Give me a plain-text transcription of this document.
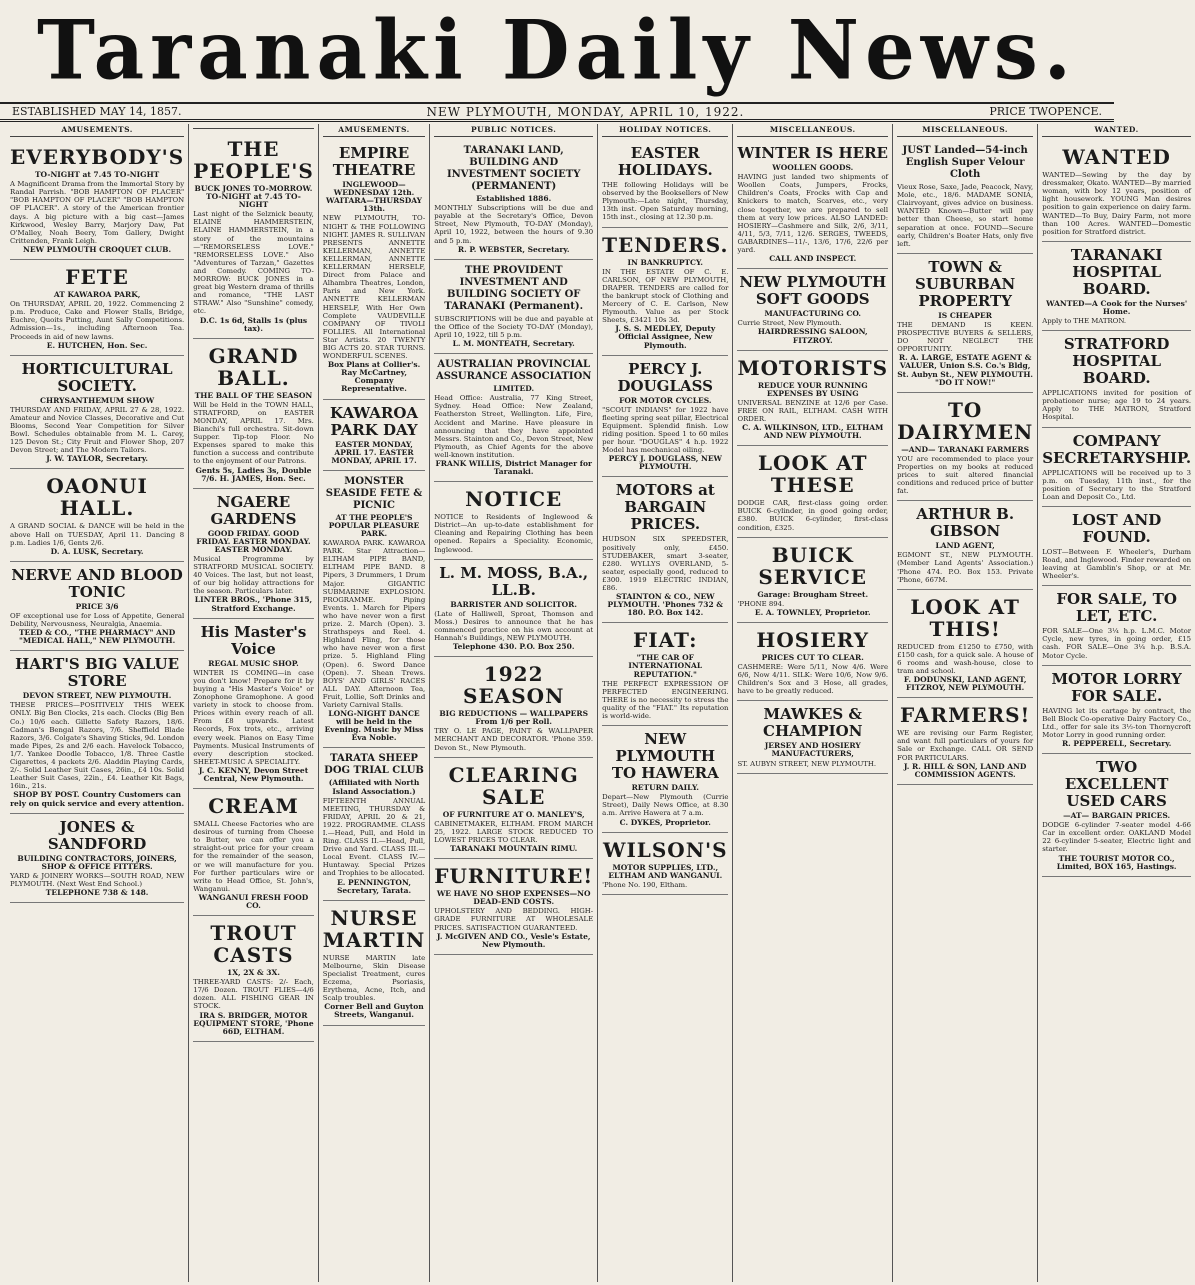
Taranaki Daily News.
ESTABLISHED MAY 14, 1857.	NEW PLYMOUTH, MONDAY, APRIL 10, 1922.	PRICE TWOPENCE.
AMUSEMENTS.
EVERYBODY'S
TO-NIGHT at 7.45 TO-NIGHT

A Magnificent Drama from the Immortal Story by Randal Parrish. "BOB HAMPTON OF PLACER" "BOB HAMPTON OF PLACER" "BOB HAMPTON OF PLACER". A story of the American frontier days. A big picture with a big cast—James Kirkwood, Wesley Barry, Marjory Daw, Pat O'Malley, Noah Beery, Tom Gallery, Dwight Crittenden, Frank Leigh.

NEW PLYMOUTH CROQUET CLUB.
FETE
AT KAWAROA PARK,

On THURSDAY, APRIL 20, 1922. Commencing 2 p.m. Produce, Cake and Flower Stalls, Bridge, Euchre, Quoits Putting, Aunt Sally Competitions. Admission—1s., including Afternoon Tea. Proceeds in aid of new lawns.

E. HUTCHEN, Hon. Sec.
HORTICULTURAL SOCIETY.
CHRYSANTHEMUM SHOW

THURSDAY AND FRIDAY, APRIL 27 & 28, 1922. Amateur and Novice Classes, Decorative and Cut Blooms, Second Year Competition for Silver Bowl. Schedules obtainable from M. L. Carey, 125 Devon St.; City Fruit and Flower Shop, 207 Devon Street; and The Modern Tailors.

J. W. TAYLOR, Secretary.
OAONUI HALL.

A GRAND SOCIAL & DANCE will be held in the above Hall on TUESDAY, April 11. Dancing 8 p.m. Ladies 1/6, Gents 2/6.

D. A. LUSK, Secretary.
NERVE AND BLOOD TONIC
PRICE 3/6

OF exceptional use for Loss of Appetite, General Debility, Nervousness, Neuralgia, Anaemia.

TEED & CO., "THE PHARMACY" AND "MEDICAL HALL," NEW PLYMOUTH.
HART'S BIG VALUE STORE
DEVON STREET, NEW PLYMOUTH.

THESE PRICES—POSITIVELY THIS WEEK ONLY. Big Ben Clocks, 21s each. Clocks (Big Ben Co.) 10/6 each. Gillette Safety Razors, 18/6. Cadman's Bengal Razors, 7/6. Sheffield Blade Razors, 3/6. Colgate's Shaving Sticks, 9d. London made Pipes, 2s and 2/6 each. Havelock Tobacco, 1/7. Yankee Doodle Tobacco, 1/8. Three Castle Cigarettes, 4 packets 2/6. Aladdin Playing Cards, 2/-. Solid Leather Suit Cases, 26in., £4 10s. Solid Leather Suit Cases, 22in., £4. Leather Kit Bags, 16in., 21s.

SHOP BY POST. Country Customers can rely on quick service and every attention.
JONES & SANDFORD
BUILDING CONTRACTORS, JOINERS, SHOP & OFFICE FITTERS.

YARD & JOINERY WORKS—SOUTH ROAD, NEW PLYMOUTH. (Next West End School.)

TELEPHONE 738 & 148.
THE PEOPLE'S
BUCK JONES TO-MORROW. TO-NIGHT at 7.45 TO-NIGHT

Last night of the Selznick beauty, ELAINE HAMMERSTEIN, ELAINE HAMMERSTEIN, in a story of the mountains—"REMORSELESS LOVE." "REMORSELESS LOVE." Also "Adventures of Tarzan," Gazettes and Comedy. COMING TO-MORROW: BUCK JONES in a great big Western drama of thrills and romance, "THE LAST STRAW." Also "Sunshine" comedy, etc.

D.C. 1s 6d, Stalls 1s (plus tax).
GRAND BALL.
THE BALL OF THE SEASON

Will be Held in the TOWN HALL, STRATFORD, on EASTER MONDAY, APRIL 17. Mrs. Bianchi's full orchestra. Sit-down Supper. Tip-top Floor. No Expenses spared to make this function a success and contribute to the enjoyment of our Patrons.

Gents 5s, Ladies 3s, Double 7/6. H. JAMES, Hon. Sec.
NGAERE GARDENS
GOOD FRIDAY. GOOD FRIDAY. EASTER MONDAY. EASTER MONDAY.

Musical Programme by STRATFORD MUSICAL SOCIETY. 40 Voices. The last, but not least, of our big holiday attractions for the season. Particulars later.

LINTER BROS., 'Phone 315, Stratford Exchange.
His Master's Voice
REGAL MUSIC SHOP.

WINTER IS COMING—in case you don't know! Prepare for it by buying a "His Master's Voice" or Zonophone Gramophone. A good variety in stock to choose from. Prices within every reach of all. From £8 upwards. Latest Records, Fox trots, etc., arriving every week. Pianos on Easy Time Payments. Musical Instruments of every description stocked. SHEET-MUSIC A SPECIALITY.

J. C. KENNY, Devon Street Central, New Plymouth.
CREAM

SMALL Cheese Factories who are desirous of turning from Cheese to Butter, we can offer you a straight-out price for your cream for the remainder of the season, or we will manufacture for you. For further particulars wire or write to Head Office, St. John's, Wanganui.

WANGANUI FRESH FOOD CO.
TROUT CASTS
1X, 2X & 3X.

THREE-YARD CASTS: 2/- Each, 17/6 Dozen. TROUT FLIES—4/6 dozen. ALL FISHING GEAR IN STOCK.

IRA S. BRIDGER, MOTOR EQUIPMENT STORE, 'Phone 66D, ELTHAM.
AMUSEMENTS.
EMPIRE THEATRE
INGLEWOOD—WEDNESDAY 12th. WAITARA—THURSDAY 13th.

NEW PLYMOUTH, TO-NIGHT & THE FOLLOWING NIGHT. JAMES R. SULLIVAN PRESENTS ANNETTE KELLERMAN, ANNETTE KELLERMAN, ANNETTE KELLERMAN HERSELF, Direct from Palace and Alhambra Theatres, London, Paris and New York. ANNETTE KELLERMAN HERSELF, With Her Own Complete VAUDEVILLE COMPANY OF TIVOLI FOLLIES. All International Star Artists. 20 TWENTY BIG ACTS 20. STAR TURNS. WONDERFUL SCENES.

Box Plans at Collier's. Ray McCartney, Company Representative.
KAWAROA PARK DAY
EASTER MONDAY, APRIL 17. EASTER MONDAY, APRIL 17.
MONSTER SEASIDE FETE & PICNIC
AT THE PEOPLE'S POPULAR PLEASURE PARK.

KAWAROA PARK. KAWAROA PARK. Star Attraction—ELTHAM PIPE BAND, ELTHAM PIPE BAND. 8 Pipers, 3 Drummers, 1 Drum Major. GIGANTIC SUBMARINE EXPLOSION. PROGRAMME. Piping Events. 1. March for Pipers who have never won a first prize. 2. March (Open). 3. Strathspeys and Reel. 4. Highland Fling, for those who have never won a first prize. 5. Highland Fling (Open). 6. Sword Dance (Open). 7. Shean Trews. BOYS' AND GIRLS' RACES ALL DAY. Afternoon Tea, Fruit, Lollie, Soft Drinks and Variety Carnival Stalls.

LONG-NIGHT DANCE will be held in the Evening. Music by Miss Eva Noble.
TARATA SHEEP DOG TRIAL CLUB
(Affiliated with North Island Association.)

FIFTEENTH ANNUAL MEETING, THURSDAY & FRIDAY, APRIL 20 & 21, 1922. PROGRAMME. CLASS I.—Head, Pull, and Hold in Ring. CLASS II.—Head, Pull, Drive and Yard. CLASS III.—Local Event. CLASS IV.—Huntaway. Special Prizes and Trophies to be allocated.

E. PENNINGTON, Secretary, Tarata.
NURSE MARTIN

NURSE MARTIN late Melbourne, Skin Disease Specialist Treatment, cures Eczema, Psoriasis, Erythema, Acne, Itch, and Scalp troubles.

Corner Bell and Guyton Streets, Wanganui.
PUBLIC NOTICES.
TARANAKI LAND, BUILDING AND INVESTMENT SOCIETY (PERMANENT)
Established 1886.

MONTHLY Subscriptions will be due and payable at the Secretary's Office, Devon Street, New Plymouth, TO-DAY (Monday), April 10, 1922, between the hours of 9.30 and 5 p.m.

R. P. WEBSTER, Secretary.
THE PROVIDENT INVESTMENT AND BUILDING SOCIETY OF TARANAKI (Permanent).

SUBSCRIPTIONS will be due and payable at the Office of the Society TO-DAY (Monday), April 10, 1922, till 5 p.m.

L. M. MONTEATH, Secretary.
AUSTRALIAN PROVINCIAL ASSURANCE ASSOCIATION
LIMITED.

Head Office: Australia, 77 King Street, Sydney. Head Office: New Zealand, Featherston Street, Wellington. Life, Fire, Accident and Marine. Have pleasure in announcing that they have appointed Messrs. Stainton and Co., Devon Street, New Plymouth, as Chief Agents for the above well-known institution.

FRANK WILLIS, District Manager for Taranaki.
NOTICE

NOTICE to Residents of Inglewood & District—An up-to-date establishment for Cleaning and Repairing Clothing has been opened. Repairs a Speciality. Economic, Inglewood.

L. M. MOSS, B.A., LL.B.
BARRISTER AND SOLICITOR.

(Late of Halliwell, Sproat, Thomson and Moss.) Desires to announce that he has commenced practice on his own account at Hannah's Buildings, NEW PLYMOUTH.

Telephone 430. P.O. Box 250.
1922 SEASON
BIG REDUCTIONS — WALLPAPERS From 1/6 per Roll.

TRY O. LE PAGE, PAINT & WALLPAPER MERCHANT AND DECORATOR. 'Phone 359. Devon St., New Plymouth.

CLEARING SALE
OF FURNITURE AT O. MANLEY'S,

CABINETMAKER, ELTHAM. FROM MARCH 25, 1922. LARGE STOCK REDUCED TO LOWEST PRICES TO CLEAR.

TARANAKI MOUNTAIN RIMU.
FURNITURE!
WE HAVE NO SHOP EXPENSES—NO DEAD-END COSTS.

UPHOLSTERY AND BEDDING. HIGH-GRADE FURNITURE AT WHOLESALE PRICES. SATISFACTION GUARANTEED.

J. McGIVEN AND CO., Vesle's Estate, New Plymouth.
HOLIDAY NOTICES.
EASTER HOLIDAYS.

THE following Holidays will be observed by the Booksellers of New Plymouth:—Late night, Thursday, 13th inst. Open Saturday morning, 15th inst., closing at 12.30 p.m.

TENDERS.
IN BANKRUPTCY.

IN THE ESTATE OF C. E. CARLSON, OF NEW PLYMOUTH, DRAPER. TENDERS are called for the bankrupt stock of Clothing and Mercery of C. E. Carlson, New Plymouth. Value as per Stock Sheets, £3421 10s 3d.

J. S. S. MEDLEY, Deputy Official Assignee, New Plymouth.
PERCY J. DOUGLASS
FOR MOTOR CYCLES.

"SCOUT INDIANS" for 1922 have fleeting spring seat pillar, Electrical Equipment. Splendid finish. Low riding position. Speed 1 to 60 miles per hour. "DOUGLAS" 4 h.p. 1922 Model has mechanical oiling.

PERCY J. DOUGLASS, NEW PLYMOUTH.
MOTORS at BARGAIN PRICES.

HUDSON SIX SPEEDSTER, positively only, £450. STUDEBAKER, smart 3-seater, £280. WYLLYS OVERLAND, 5-seater, especially good, reduced to £300. 1919 ELECTRIC INDIAN, £86.

STAINTON & CO., NEW PLYMOUTH. 'Phones 732 & 180. P.O. Box 142.
FIAT:
"THE CAR OF INTERNATIONAL REPUTATION."

THE PERFECT EXPRESSION OF PERFECTED ENGINEERING. THERE is no necessity to stress the quality of the "FIAT." Its reputation is world-wide.

NEW PLYMOUTH TO HAWERA
RETURN DAILY.

Depart—New Plymouth (Currie Street), Daily News Office, at 8.30 a.m. Arrive Hawera at 7 a.m.

C. DYKES, Proprietor.
WILSON'S
MOTOR SUPPLIES, LTD., ELTHAM AND WANGANUI.

'Phone No. 190, Eltham.

MISCELLANEOUS.
WINTER IS HERE
WOOLLEN GOODS.

HAVING just landed two shipments of Woollen Coats, Jumpers, Frocks, Children's Coats, Frocks with Cap and Knickers to match, Scarves, etc., very close together, we are prepared to sell them at very low prices. ALSO LANDED: HOSIERY—Cashmere and Silk, 2/6, 3/11, 4/11, 5/3, 7/11, 12/6. SERGES, TWEEDS, GABARDINES—11/-, 13/6, 17/6, 22/6 per yard.

CALL AND INSPECT.
NEW PLYMOUTH SOFT GOODS
MANUFACTURING CO.

Currie Street, New Plymouth.

HAIRDRESSING SALOON, FITZROY.
MOTORISTS
REDUCE YOUR RUNNING EXPENSES BY USING

UNIVERSAL BENZINE at 12/6 per Case. FREE ON RAIL, ELTHAM. CASH WITH ORDER.

C. A. WILKINSON, LTD., ELTHAM AND NEW PLYMOUTH.
LOOK AT THESE

DODGE CAR, first-class going order. BUICK 6-cylinder, in good going order, £380. BUICK 6-cylinder, first-class condition, £325.

BUICK SERVICE
Garage: Brougham Street.

'PHONE 894.

E. A. TOWNLEY, Proprietor.
HOSIERY
PRICES CUT TO CLEAR.

CASHMERE: Were 5/11, Now 4/6. Were 6/6, Now 4/11. SILK: Were 10/6, Now 9/6. Children's Sox and 3 Hose, all grades, have to be greatly reduced.

MAWKES & CHAMPION
JERSEY AND HOSIERY MANUFACTURERS,

ST. AUBYN STREET, NEW PLYMOUTH.

MISCELLANEOUS.
JUST Landed—54-inch English Super Velour Cloth

Vieux Rose, Saxe, Jade, Peacock, Navy, Mole, etc., 18/6. MADAME SONIA, Clairvoyant, gives advice on business. WANTED Known—Butter will pay better than Cheese, so start home separation at once. FOUND—Secure early, Children's Boater Hats, only five left.

TOWN & SUBURBAN PROPERTY
IS CHEAPER

THE DEMAND IS KEEN. PROSPECTIVE BUYERS & SELLERS, DO NOT NEGLECT THE OPPORTUNITY.

R. A. LARGE, ESTATE AGENT & VALUER, Union S.S. Co.'s Bldg, St. Aubyn St., NEW PLYMOUTH. "DO IT NOW!"
TO DAIRYMEN
—AND— TARANAKI FARMERS

YOU are recommended to place your Properties on my books at reduced prices to suit altered financial conditions and reduced price of butter fat.

ARTHUR B. GIBSON
LAND AGENT,

EGMONT ST., NEW PLYMOUTH. (Member Land Agents' Association.) 'Phone 474. P.O. Box 153. Private 'Phone, 667M.

LOOK AT THIS!

REDUCED from £1250 to £750, with £150 cash, for a quick sale. A house of 6 rooms and wash-house, close to tram and school.

F. DODUNSKI, LAND AGENT, FITZROY, NEW PLYMOUTH.
FARMERS!

WE are revising our Farm Register, and want full particulars of yours for Sale or Exchange. CALL OR SEND FOR PARTICULARS.

J. R. HILL & SON, LAND AND COMMISSION AGENTS.
WANTED.
WANTED

WANTED—Sewing by the day by dressmaker, Okato. WANTED—By married woman, with boy 12 years, position of light housework. YOUNG Man desires position to gain experience on dairy farm. WANTED—To Buy, Dairy Farm, not more than 100 Acres. WANTED—Domestic position for Stratford district.

TARANAKI HOSPITAL BOARD.
WANTED—A Cook for the Nurses' Home.

Apply to THE MATRON.

STRATFORD HOSPITAL BOARD.

APPLICATIONS invited for position of probationer nurse; age 19 to 24 years. Apply to THE MATRON, Stratford Hospital.

COMPANY SECRETARYSHIP.

APPLICATIONS will be received up to 3 p.m. on Tuesday, 11th inst., for the position of Secretary to the Stratford Loan and Deposit Co., Ltd.

LOST AND FOUND.

LOST—Between F. Wheeler's, Durham Road, and Inglewood. Finder rewarded on leaving at Gamblin's Shop, or at Mr. Wheeler's.

FOR SALE, TO LET, ETC.

FOR SALE—One 3¼ h.p. L.M.C. Motor Cycle, new tyres, in going order, £15 cash. FOR SALE—One 3¼ h.p. B.S.A. Motor Cycle.

MOTOR LORRY FOR SALE.

HAVING let its cartage by contract, the Bell Block Co-operative Dairy Factory Co., Ltd., offer for sale its 3½-ton Thornycroft Motor Lorry in good running order.

R. PEPPERELL, Secretary.
TWO EXCELLENT USED CARS
—AT— BARGAIN PRICES.

DODGE 6-cylinder 7-seater model 4-66 Car in excellent order. OAKLAND Model 22 6-cylinder 5-seater, Electric light and starter.

THE TOURIST MOTOR CO., Limited, BOX 165, Hastings.
